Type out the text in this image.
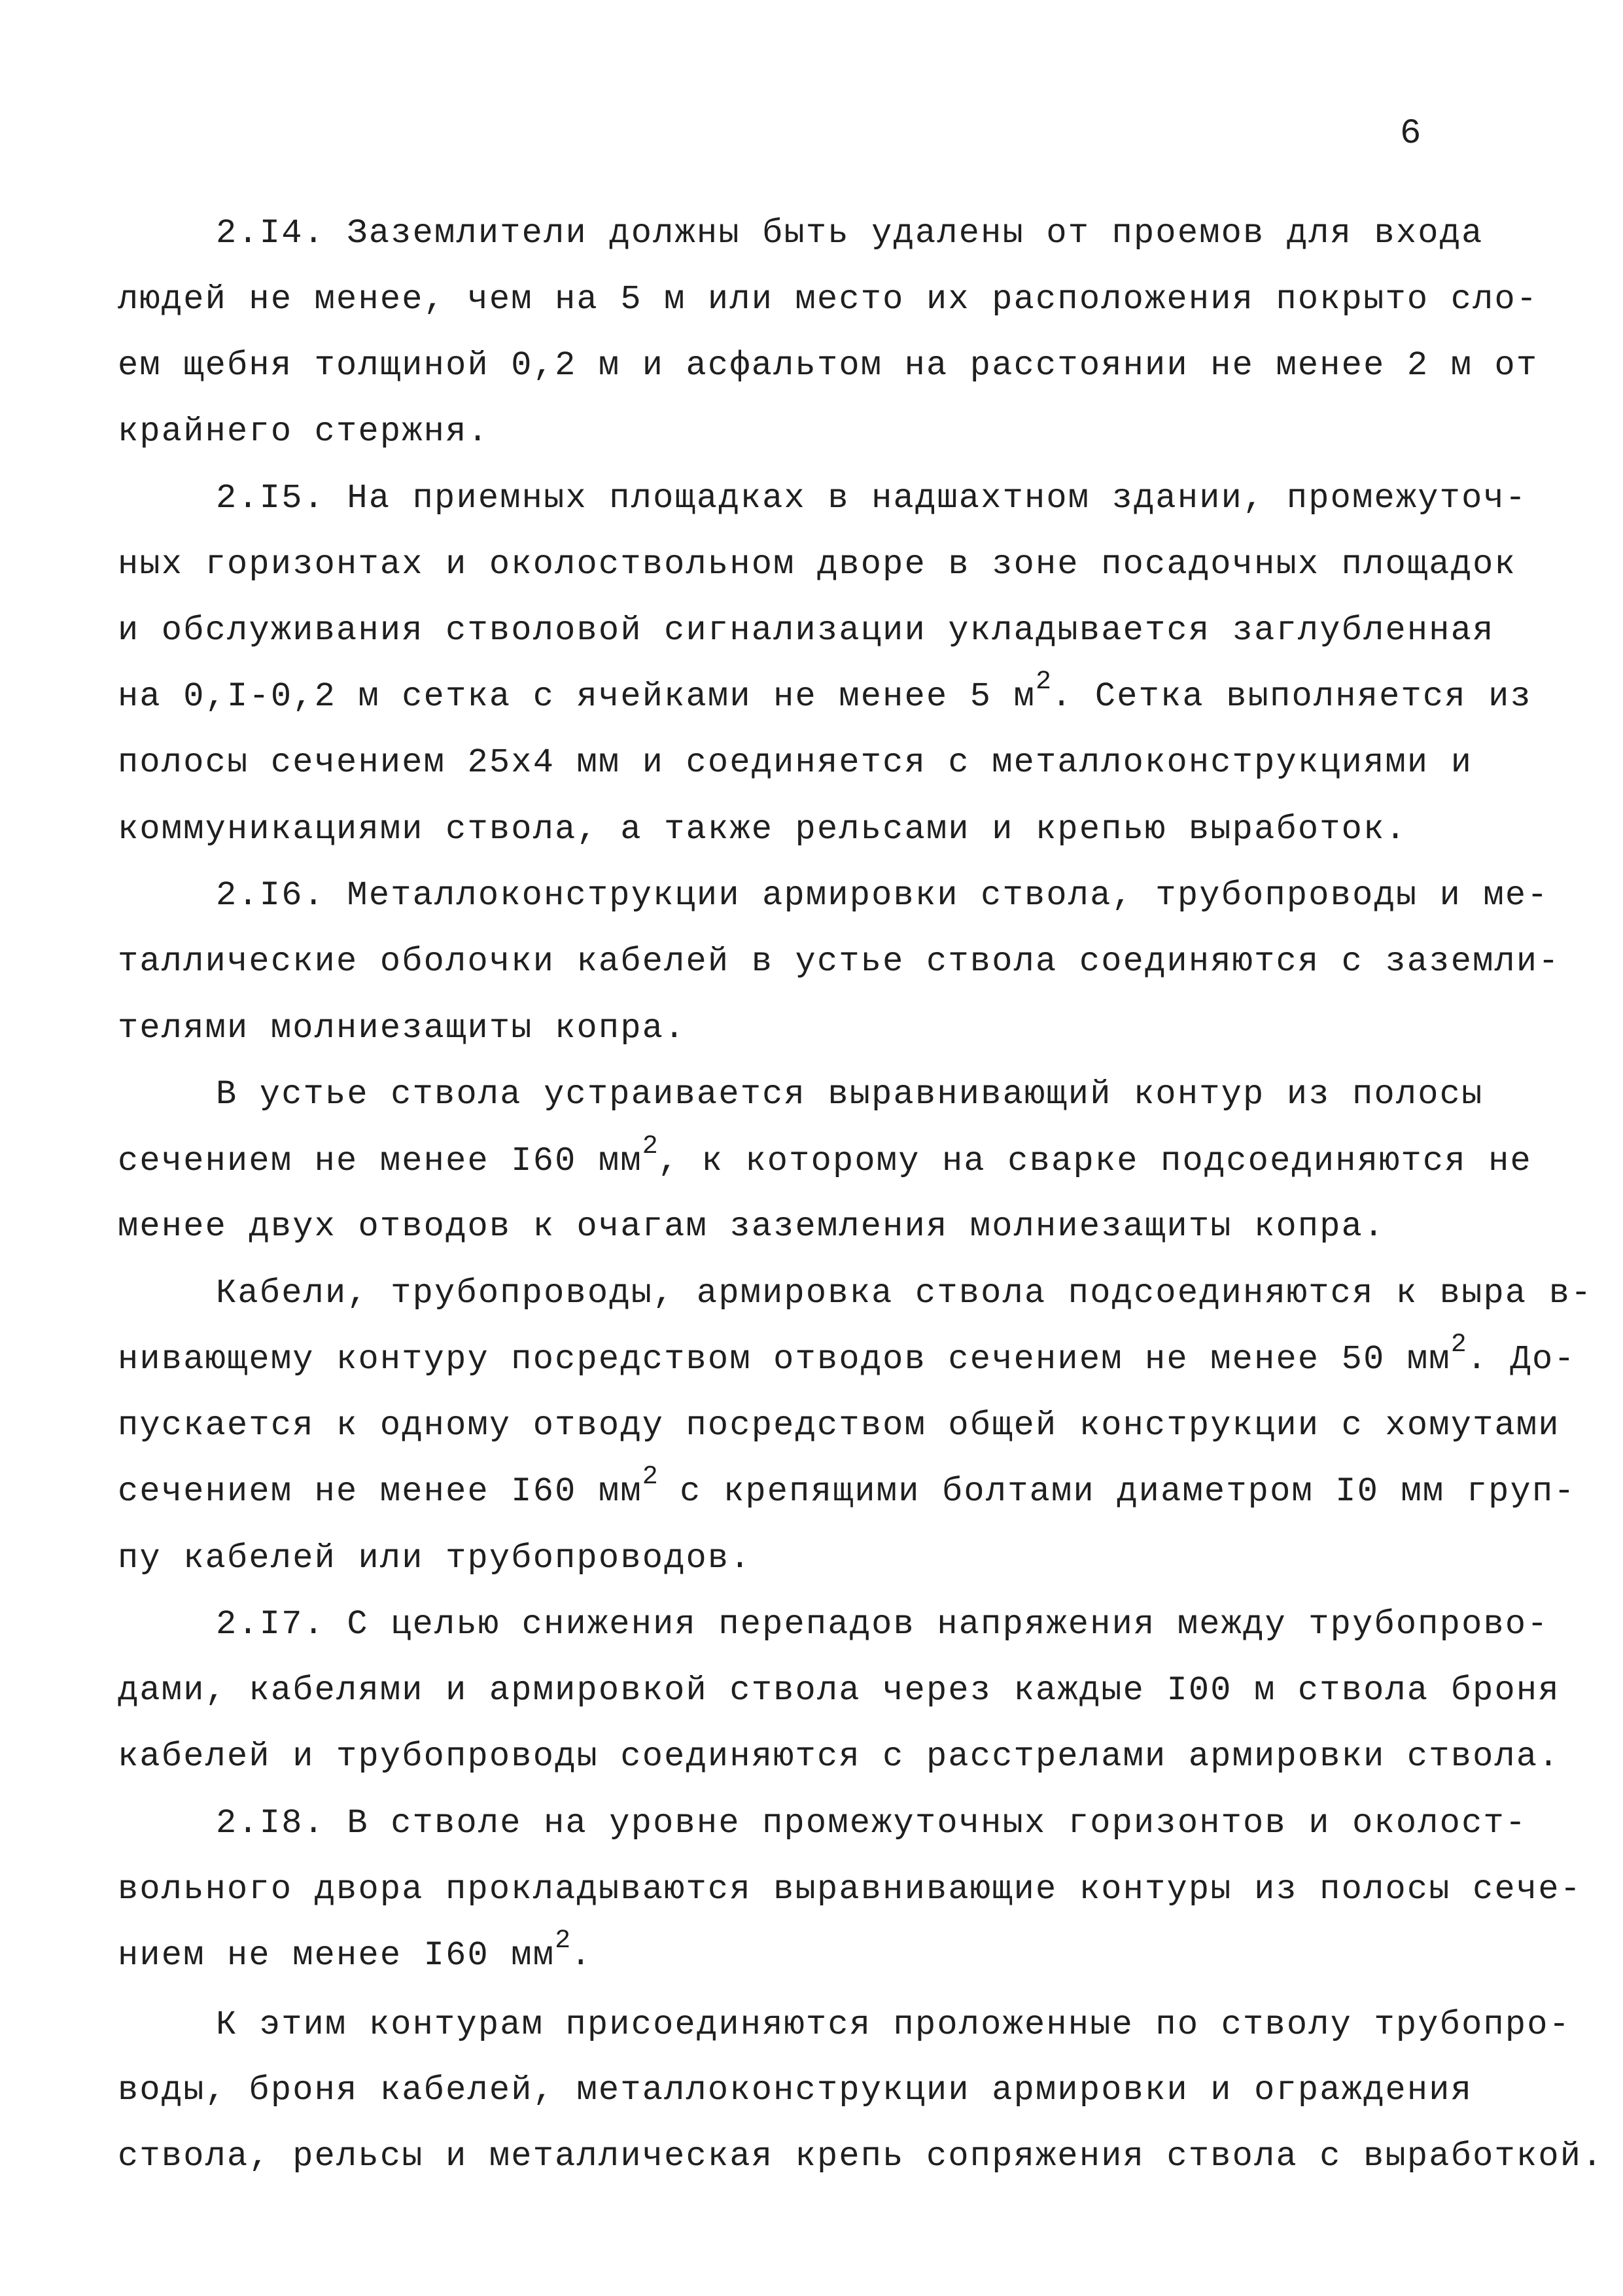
6
2.I4. Заземлители должны быть удалены от проемов для входа
людей не менее, чем на 5 м или место их расположения покрыто сло-
ем щебня толщиной 0,2 м и асфальтом на расстоянии не менее 2 м от
крайнего стержня.
2.I5. На приемных площадках в надшахтном здании, промежуточ-
ных горизонтах и околоствольном дворе в зоне посадочных площадок
и обслуживания стволовой сигнализации укладывается заглубленная
на 0,I-0,2 м сетка с ячейками не менее 5 $м^2$. Сетка выполняется из
полосы сечением 25x4 мм и соединяется с металлоконструкциями и
коммуникациями ствола, а также рельсами и крепью выработок.
2.I6. Металлоконструкции армировки ствола, трубопроводы и ме-
таллические оболочки кабелей в устье ствола соединяются с заземли-
телями молниезащиты копра.
В устье ствола устраивается выравнивающий контур из полосы
сечением не менее I60 $мм^2$, к которому на сварке подсоединяются не
менее двух отводов к очагам заземления молниезащиты копра.
Кабели, трубопроводы, армировка ствола подсоединяются к выра в-
нивающему контуру посредством отводов сечением не менее 50 $мм^2$. До-
пускается к одному отводу посредством общей конструкции с хомутами
сечением не менее I60 $мм^2$ с крепящими болтами диаметром I0 мм груп-
пу кабелей или трубопроводов.
2.I7. С целью снижения перепадов напряжения между трубопрово-
дами, кабелями и армировкой ствола через каждые I00 м ствола броня
кабелей и трубопроводы соединяются с расстрелами армировки ствола.
2.I8. В стволе на уровне промежуточных горизонтов и околост-
вольного двора прокладываются выравнивающие контуры из полосы сече-
нием не менее I60 $мм^2$.
К этим контурам присоединяются проложенные по стволу трубопро-
воды, броня кабелей, металлоконструкции армировки и ограждения
ствола, рельсы и металлическая крепь сопряжения ствола с выработкой.
